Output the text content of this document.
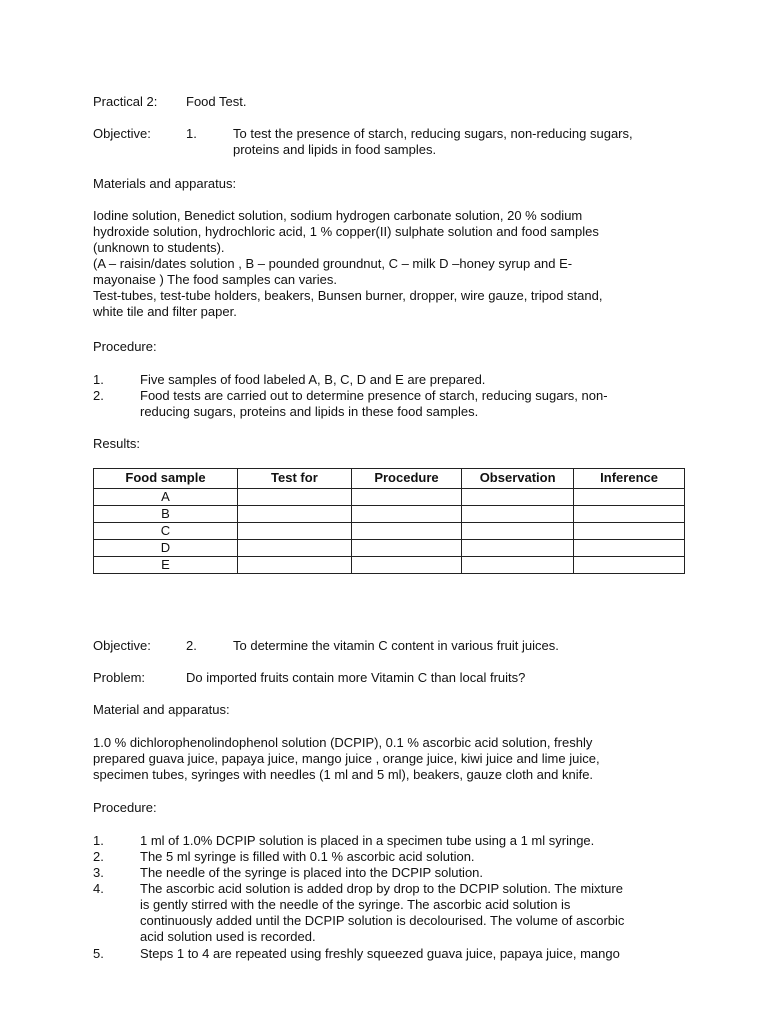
Practical 2: Food Test.
Objective:	1.	To test the presence of starch, reducing sugars, non-reducing sugars,
proteins and lipids in food samples.
Materials and apparatus:
Iodine solution, Benedict solution, sodium hydrogen carbonate solution, 20 % sodium
hydroxide solution, hydrochloric acid, 1 % copper(II) sulphate solution and food samples
(unknown to students).
(A – raisin/dates solution , B – pounded groundnut, C – milk D –honey syrup and E-
mayonaise ) The food samples can varies.
Test-tubes, test-tube holders, beakers, Bunsen burner, dropper, wire gauze, tripod stand,
white tile and filter paper.
Procedure:
1.	Five samples of food labeled A, B, C, D and E are prepared.
2.	Food tests are carried out to determine presence of starch, reducing sugars, non-
reducing sugars, proteins and lipids in these food samples.
Results:
Food sample	Test for	Procedure	Observation	Inference
A				
B				
C				
D				
E				
Objective:	2.	To determine the vitamin C content in various fruit juices.
Problem:	Do imported fruits contain more Vitamin C than local fruits?
Material and apparatus:
1.0 % dichlorophenolindophenol solution (DCPIP), 0.1 % ascorbic acid solution, freshly
prepared guava juice, papaya juice, mango juice , orange juice, kiwi juice and lime juice,
specimen tubes, syringes with needles (1 ml and 5 ml), beakers, gauze cloth and knife.
Procedure:
1.	1 ml of 1.0% DCPIP solution is placed in a specimen tube using a 1 ml syringe.
2.	The 5 ml syringe is filled with 0.1 % ascorbic acid solution.
3.	The needle of the syringe is placed into the DCPIP solution.
4.	The ascorbic acid solution is added drop by drop to the DCPIP solution. The mixture
is gently stirred with the needle of the syringe. The ascorbic acid solution is
continuously added until the DCPIP solution is decolourised. The volume of ascorbic
acid solution used is recorded.
5.	Steps 1 to 4 are repeated using freshly squeezed guava juice, papaya juice, mango
